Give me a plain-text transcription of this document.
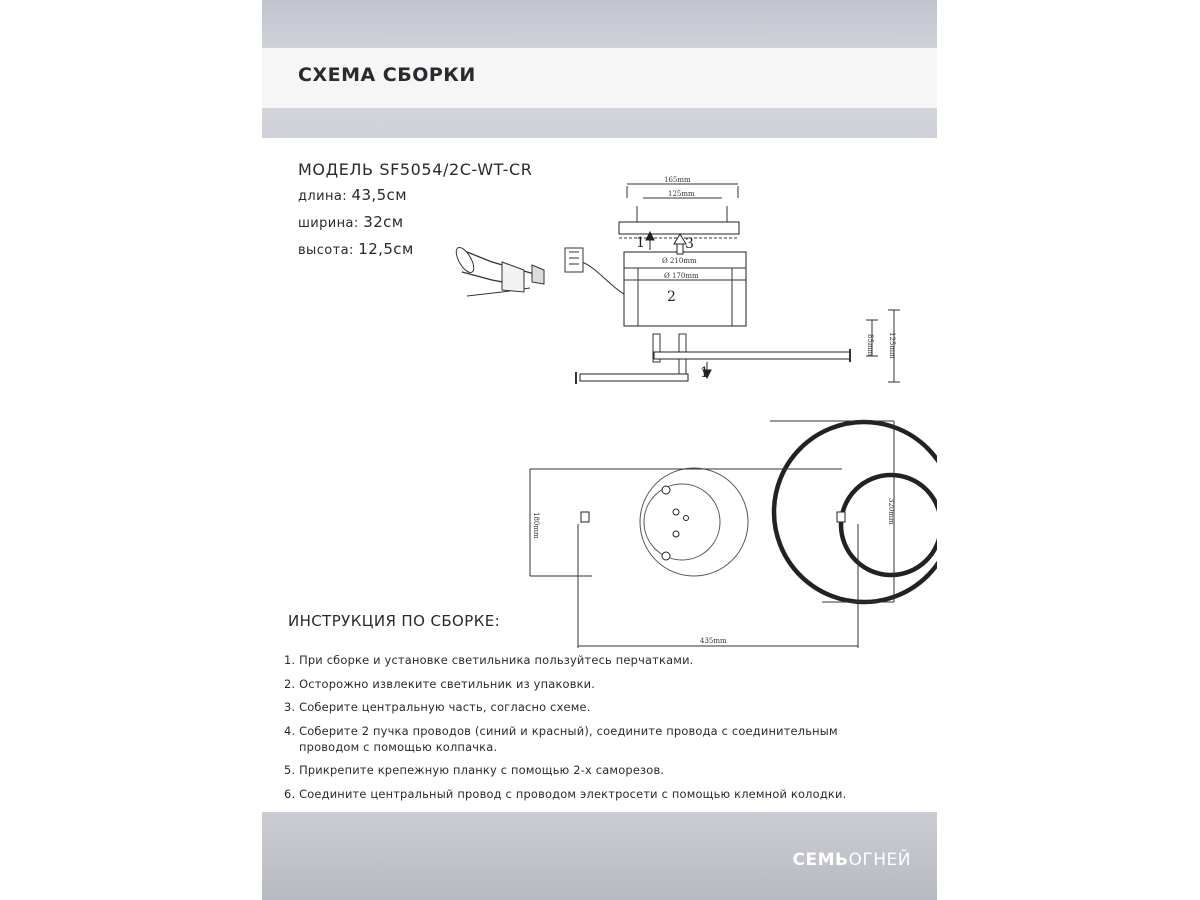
СХЕМА СБОРКИ
МОДЕЛЬ SF5054/2C-WT-CR
длина: 43,5см
ширина: 32см
высота: 12,5см	1	3
2
1
165mm
125mm
Ø 210mm
Ø 170mm
85mm 125mm
180mm
320mm
435mm
ИНСТРУКЦИЯ ПО СБОРКЕ:
1. При сборке и установке светильника пользуйтесь перчатками.
2. Осторожно извлеките светильник из упаковки.
3. Соберите центральную часть, согласно схеме.
4. Соберите 2 пучка проводов (синий и красный), соедините провода с соединительным
проводом с помощью колпачка.
5. Прикрепите крепежную планку с помощью 2-х саморезов.
6. Соедините центральный провод с проводом электросети с помощью клемной колодки.
СЕМЬОГНЕЙ
